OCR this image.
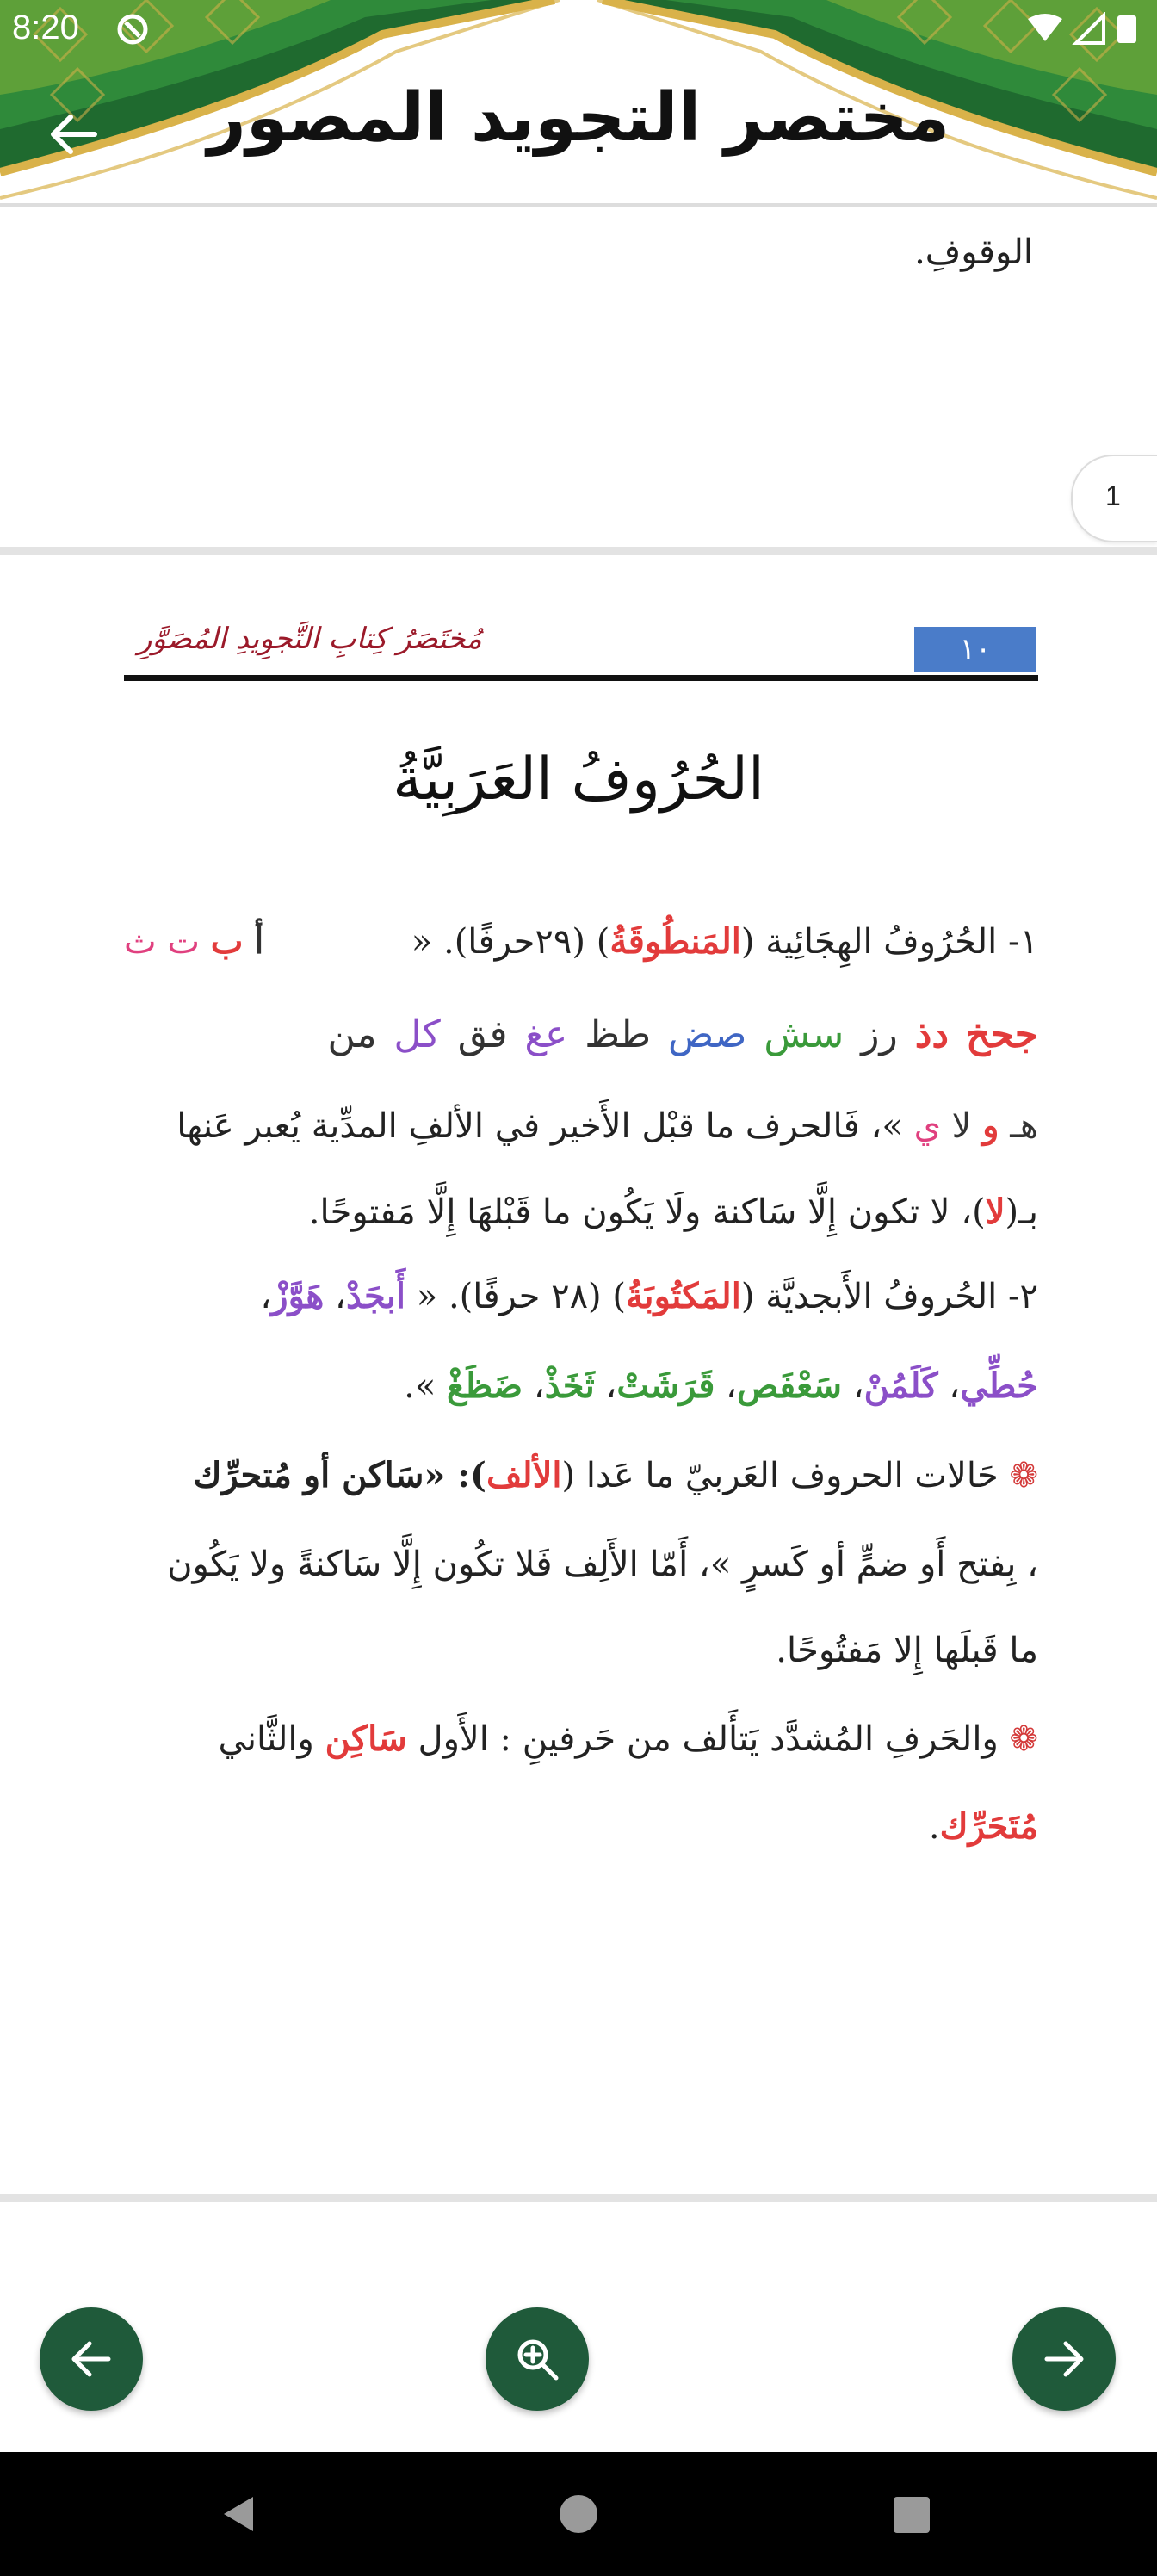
مختصر التجويد المصور
8:20
الوقوفِ.
1
١٠
مُختَصَرُ كِتابِ التَّجوِيدِ المُصَوَّرِ
الحُرُوفُ العَرَبِيَّةُ
١- الحُرُوفُ الهِجَائِية (المَنطُوقَةُ) (٢٩حرفًا). «
أ ب ت ث
جحخ دذ رز سش صض طظ عغ فق كل من
هـ و لا ي »، فَالحرف ما قبْل الأَخير في الألفِ المدِّية يُعبر عَنها
بـ(لا)، لا تكون إِلَّا سَاكنة ولَا يَكُون ما قَبْلهَا إِلَّا مَفتوحًا.
٢- الحُروفُ الأَبجديَّة (المَكتُوبَةُ) (٢٨ حرفًا). « أَبجَدْ، هَوَّزْ،
حُطِّي، كَلَمُنْ، سَعْفَص، قَرَشَتْ، ثَخَذْ، ضَظَغْ ».
❁ حَالات الحروف العَربيّ ما عَدا (الألف): «سَاكن أو مُتحرِّك
، بِفتح أَو ضمٍّ أو كَسرٍ »، أَمّا الأَلِف فَلا تكُون إِلَّا سَاكنةً ولا يَكُون
ما قَبلَها إِلا مَفتُوحًا.
❁ والحَرفِ المُشدَّد يَتأَلف من حَرفينِ : الأَول سَاكِن والثَّاني
مُتَحَرِّك.
